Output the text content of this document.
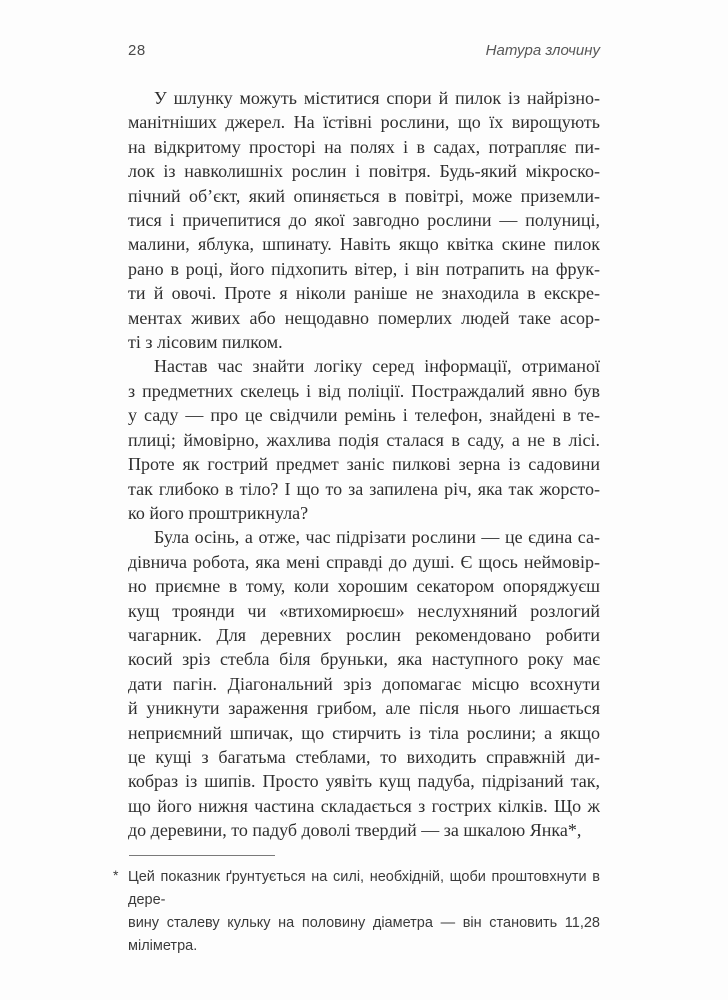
28	Натура злочину
У шлунку можуть міститися спори й пилок із найрізно-
манітніших джерел. На їстівні рослини, що їх вирощують
на відкритому просторі на полях і в садах, потрапляє пи-
лок із навколишніх рослин і повітря. Будь-який мікроско-
пічний об’єкт, який опиняється в повітрі, може приземли-
тися і причепитися до якої завгодно рослини — полуниці,
малини, яблука, шпинату. Навіть якщо квітка скине пилок
рано в році, його підхопить вітер, і він потрапить на фрук-
ти й овочі. Проте я ніколи раніше не знаходила в екскре-
ментах живих або нещодавно померлих людей таке асор-
ті з лісовим пилком.
Настав час знайти логіку серед інформації, отриманої
з предметних скелець і від поліції. Постраждалий явно був
у саду — про це свідчили ремінь і телефон, знайдені в те-
плиці; ймовірно, жахлива подія сталася в саду, а не в лісі.
Проте як гострий предмет заніс пилкові зерна із садовини
так глибоко в тіло? І що то за запилена річ, яка так жорсто-
ко його проштрикнула?
Була осінь, а отже, час підрізати рослини — це єдина са-
дівнича робота, яка мені справді до душі. Є щось неймовір-
но приємне в тому, коли хорошим секатором опоряджуєш
кущ троянди чи «втихомирюєш» неслухняний розлогий
чагарник. Для деревних рослин рекомендовано робити
косий зріз стебла біля бруньки, яка наступного року має
дати пагін. Діагональний зріз допомагає місцю всохнути
й уникнути зараження грибом, але після нього лишається
неприємний шпичак, що стирчить із тіла рослини; а якщо
це кущі з багатьма стеблами, то виходить справжній ди-
кобраз із шипів. Просто уявіть кущ падуба, підрізаний так,
що його нижня частина складається з гострих кілків. Що ж
до деревини, то падуб доволі твердий — за шкалою Янка*,
* Цей показник ґрунтується на силі, необхідній, щоби проштовхнути в дере-
вину сталеву кульку на половину діаметра — він становить 11,28 міліметра.
